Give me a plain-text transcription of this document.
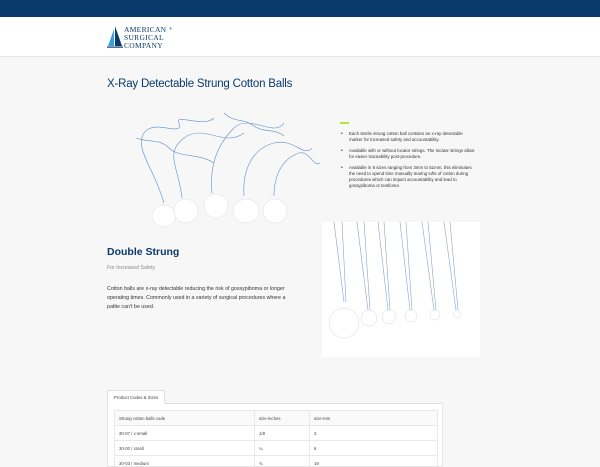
AMERICAN
SURGICAL
COMPANY
®
X-Ray Detectable Strung Cotton Balls
• Each sterile strung cotton ball contains an x-ray detectable marker for increased safety and accountability.
• Available with or without locator strings. The locator strings allow for easier traceability post-procedure.
• Available in 8 sizes ranging from 3mm to 51mm, this eliminates the need to spend time manually tearing tufts of cotton during procedures which can impact accountability and lead to gossypiboma or textiloma
Double Strung
For Increased Safety

Cotton balls are x-ray detectable reducing the risk of gossypiboma or longer operating times. Commonly used in a variety of surgical procedures where a pattie can't be used.

Product Codes & Sizes
Strung cotton balls code	size-inches	size-mm
30-07 / x-small	1/8	3
30-00 / small	¼	6
30-03 / medium	¾	19
